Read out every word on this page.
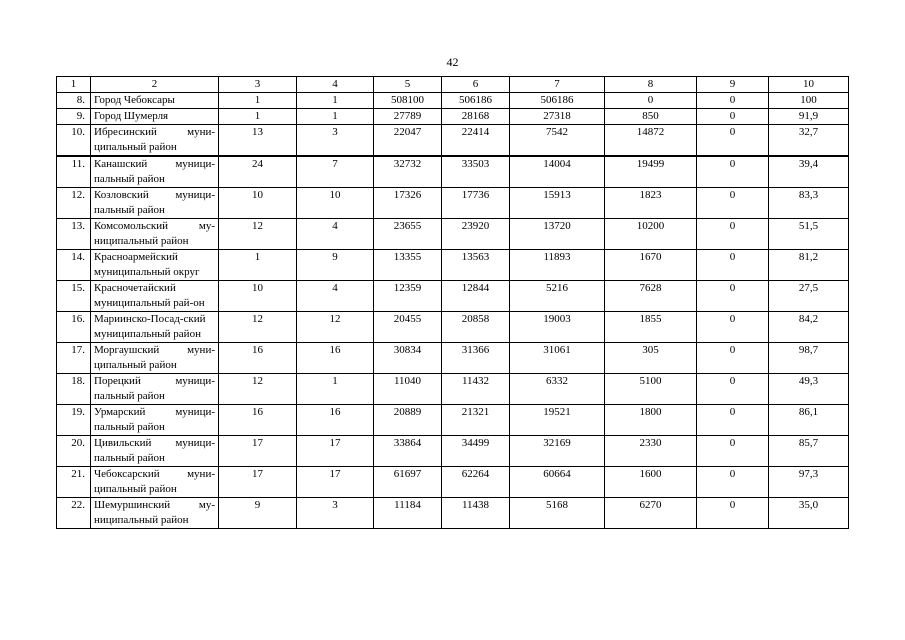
42
1	2	3	4	5	6	7	8	9	10
8.	Город Чебоксары	1	1	508100	506186	506186	0	0	100
9.	Город Шумерля	1	1	27789	28168	27318	850	0	91,9
10.	Ибресинский муни-ципальный район	13	3	22047	22414	7542	14872	0	32,7
11.	Канашский муници-пальный район	24	7	32732	33503	14004	19499	0	39,4
12.	Козловский муници-пальный район	10	10	17326	17736	15913	1823	0	83,3
13.	Комсомольский му-ниципальный район	12	4	23655	23920	13720	10200	0	51,5
14.	Красноармейский муниципальный округ	1	9	13355	13563	11893	1670	0	81,2
15.	Красночетайский муниципальный рай-он	10	4	12359	12844	5216	7628	0	27,5
16.	Мариинско-Посад-ский муниципальный район	12	12	20455	20858	19003	1855	0	84,2
17.	Моргаушский муни-ципальный район	16	16	30834	31366	31061	305	0	98,7
18.	Порецкий муници-пальный район	12	1	11040	11432	6332	5100	0	49,3
19.	Урмарский муници-пальный район	16	16	20889	21321	19521	1800	0	86,1
20.	Цивильский муници-пальный район	17	17	33864	34499	32169	2330	0	85,7
21.	Чебоксарский муни-ципальный район	17	17	61697	62264	60664	1600	0	97,3
22.	Шемуршинский му-ниципальный район	9	3	11184	11438	5168	6270	0	35,0
